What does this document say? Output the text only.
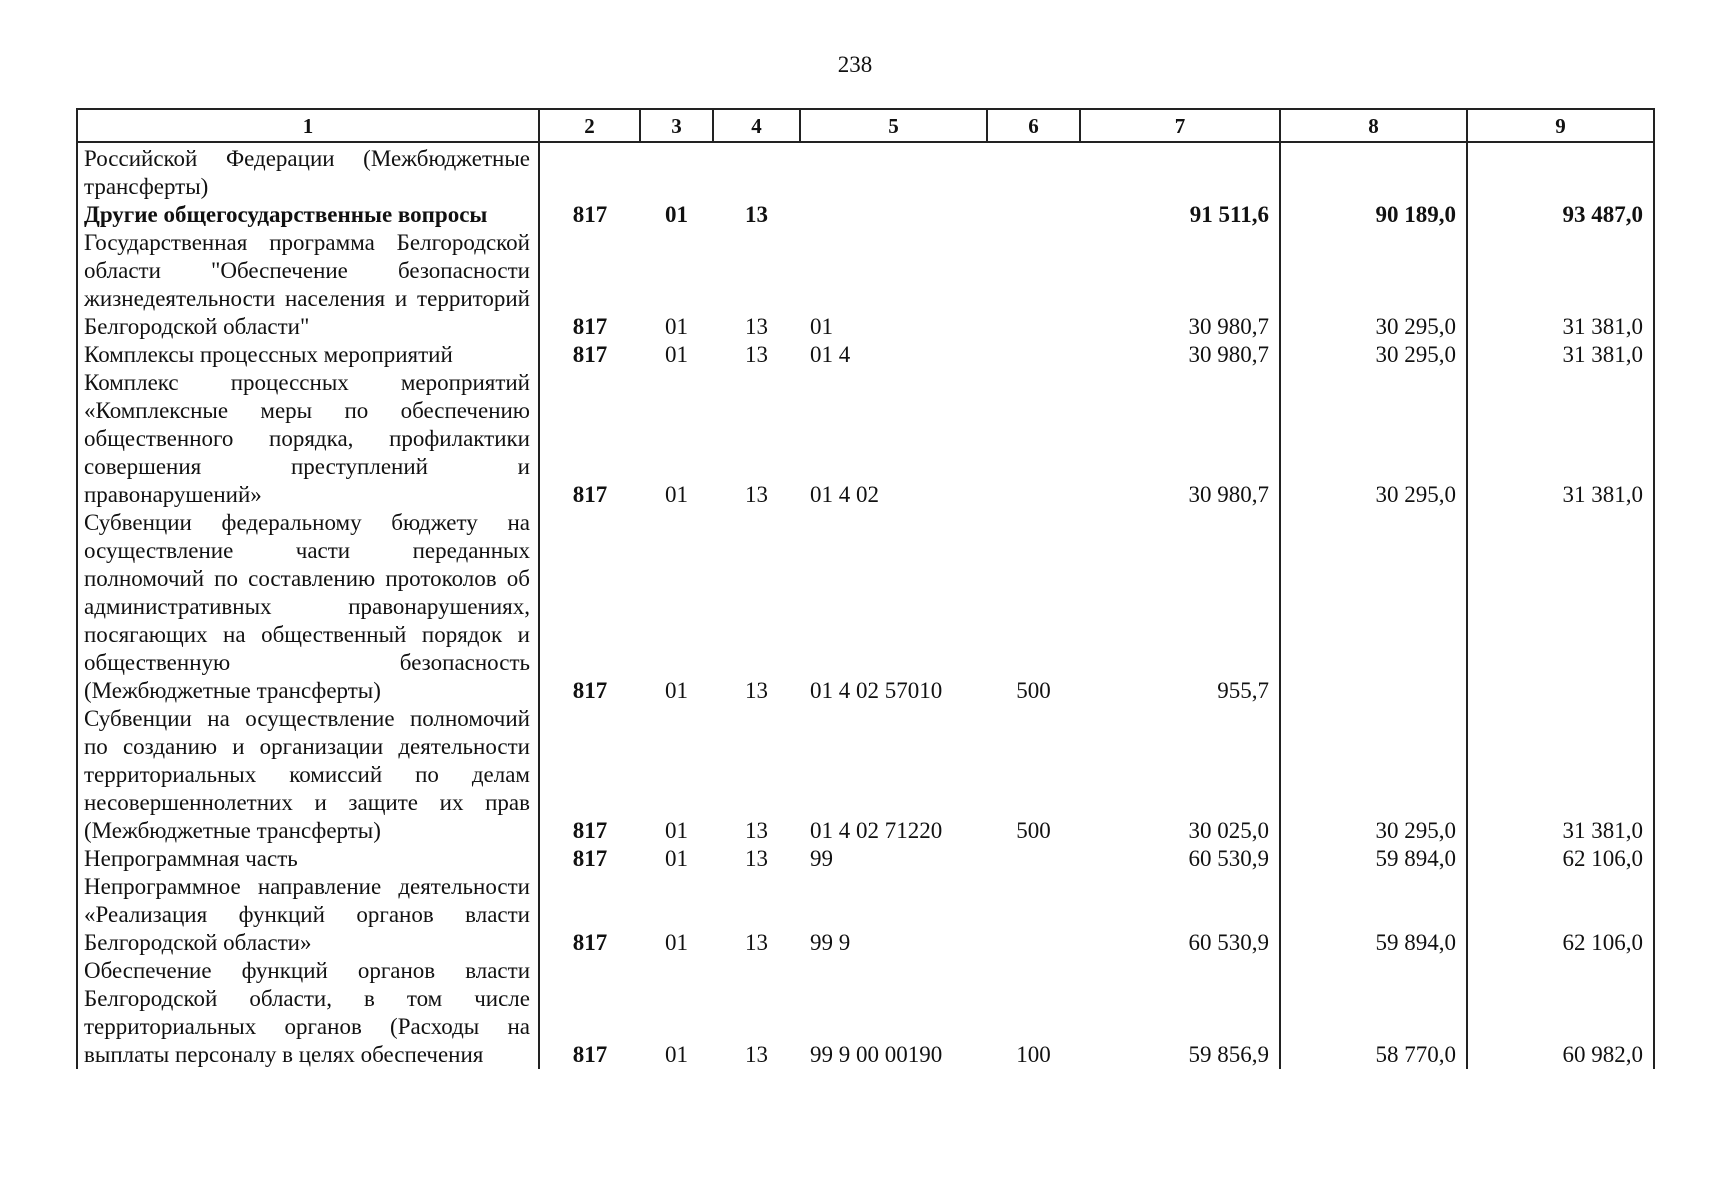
238
1	2	3	4	5	6	7	8	9
Российской Федерации (Межбюджетные трансферты)								
Другие общегосударственные вопросы	817	01	13			91 511,6	90 189,0	93 487,0
Государственная программа Белгородской области "Обеспечение безопасности жизнедеятельности населения и территорий Белгородской области"	817	01	13	01		30 980,7	30 295,0	31 381,0
Комплексы процессных мероприятий	817	01	13	01 4		30 980,7	30 295,0	31 381,0
Комплекс процессных мероприятий «Комплексные меры по обеспечению общественного порядка, профилактики совершения преступлений и правонарушений»	817	01	13	01 4 02		30 980,7	30 295,0	31 381,0
Субвенции федеральному бюджету на осуществление части переданных полномочий по составлению протоколов об административных правонарушениях, посягающих на общественный порядок и общественную безопасность (Межбюджетные трансферты)	817	01	13	01 4 02 57010	500	955,7		
Субвенции на осуществление полномочий по созданию и организации деятельности территориальных комиссий по делам несовершеннолетних и защите их прав (Межбюджетные трансферты)	817	01	13	01 4 02 71220	500	30 025,0	30 295,0	31 381,0
Непрограммная часть	817	01	13	99		60 530,9	59 894,0	62 106,0
Непрограммное направление деятельности «Реализация функций органов власти Белгородской области»	817	01	13	99 9		60 530,9	59 894,0	62 106,0
Обеспечение функций органов власти Белгородской области, в том числе территориальных органов (Расходы на выплаты персоналу в целях обеспечения	817	01	13	99 9 00 00190	100	59 856,9	58 770,0	60 982,0
